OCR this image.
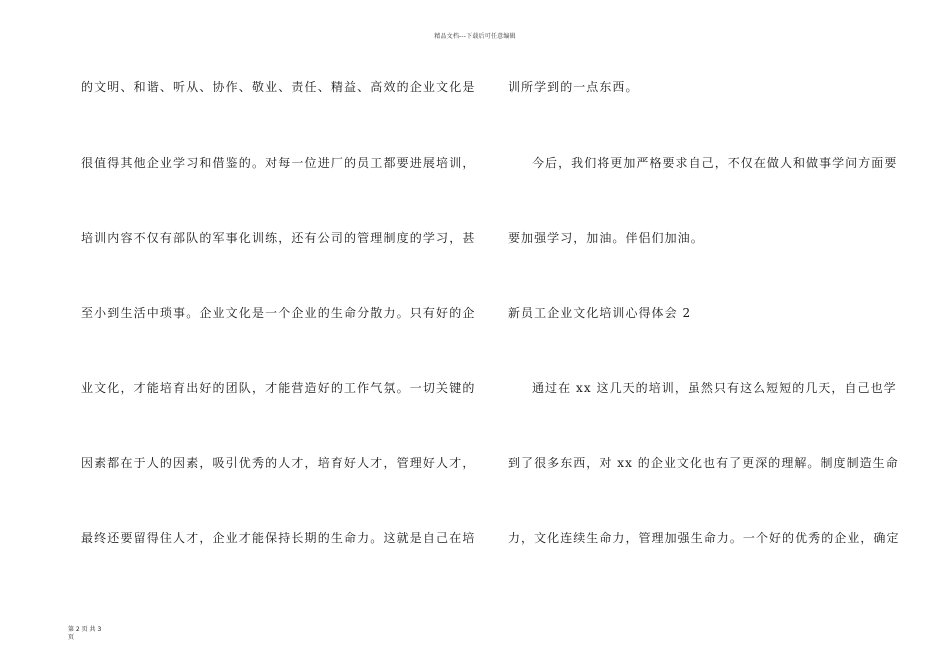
精品文档---下载后可任意编辑
的文明、和谐、听从、协作、敬业、责任、精益、高效的企业文化是
很值得其他企业学习和借鉴的。对每一位进厂的员工都要进展培训，
培训内容不仅有部队的军事化训练，还有公司的管理制度的学习，甚
至小到生活中琐事。企业文化是一个企业的生命分散力。只有好的企
业文化，才能培育出好的团队，才能营造好的工作气氛。一切关键的
因素都在于人的因素，吸引优秀的人才，培育好人才，管理好人才，
最终还要留得住人才，企业才能保持长期的生命力。这就是自己在培
训所学到的一点东西。
今后，我们将更加严格要求自己，不仅在做人和做事学问方面要
要加强学习，加油。伴侣们加油。
新员工企业文化培训心得体会 2
通过在 xx 这几天的培训，虽然只有这么短短的几天，自己也学
到了很多东西，对 xx 的企业文化也有了更深的理解。制度制造生命
力，文化连续生命力，管理加强生命力。一个好的优秀的企业，确定
第 2 页 共 3
页
